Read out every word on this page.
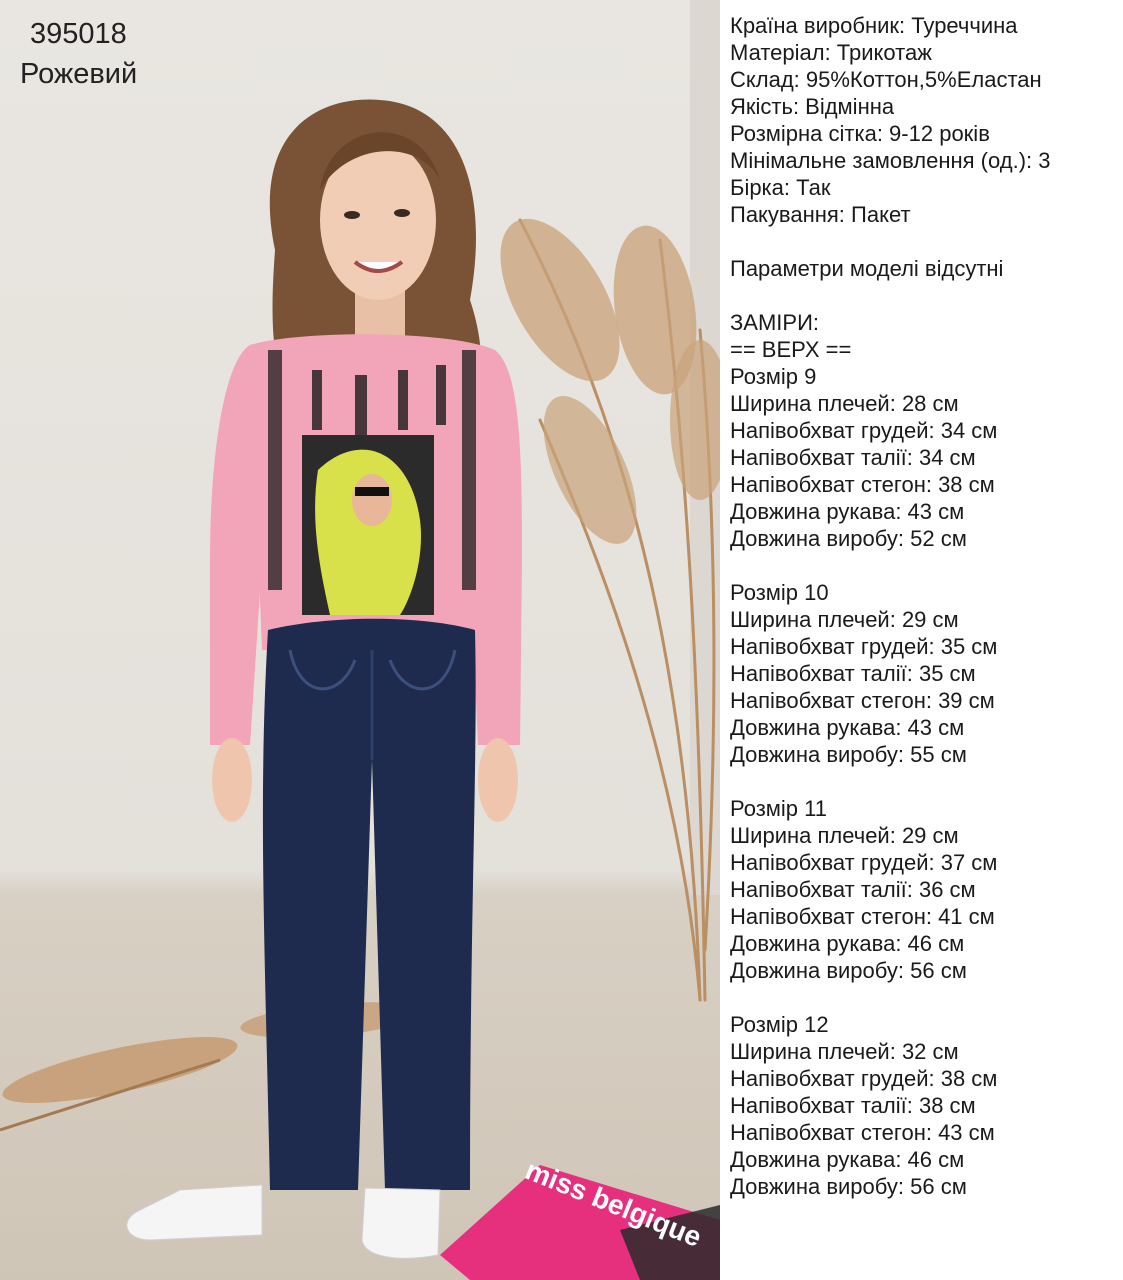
395018
Рожевий
miss belgique
Країна виробник: Туреччина
Матеріал: Трикотаж
Склад: 95%Коттон,5%Еластан
Якість: Відмінна
Розмірна сітка: 9-12 років
Мінімальне замовлення (од.): 3
Бірка: Так
Пакування: Пакет
Параметри моделі відсутні
ЗАМІРИ:
== ВЕРХ ==
Розмір 9
Ширина плечей: 28 см
Напівобхват грудей: 34 см
Напівобхват талії: 34 см
Напівобхват стегон: 38 см
Довжина рукава: 43 см
Довжина виробу: 52 см
Розмір 10
Ширина плечей: 29 см
Напівобхват грудей: 35 см
Напівобхват талії: 35 см
Напівобхват стегон: 39 см
Довжина рукава: 43 см
Довжина виробу: 55 см
Розмір 11
Ширина плечей: 29 см
Напівобхват грудей: 37 см
Напівобхват талії: 36 см
Напівобхват стегон: 41 см
Довжина рукава: 46 см
Довжина виробу: 56 см
Розмір 12
Ширина плечей: 32 см
Напівобхват грудей: 38 см
Напівобхват талії: 38 см
Напівобхват стегон: 43 см
Довжина рукава: 46 см
Довжина виробу: 56 см
